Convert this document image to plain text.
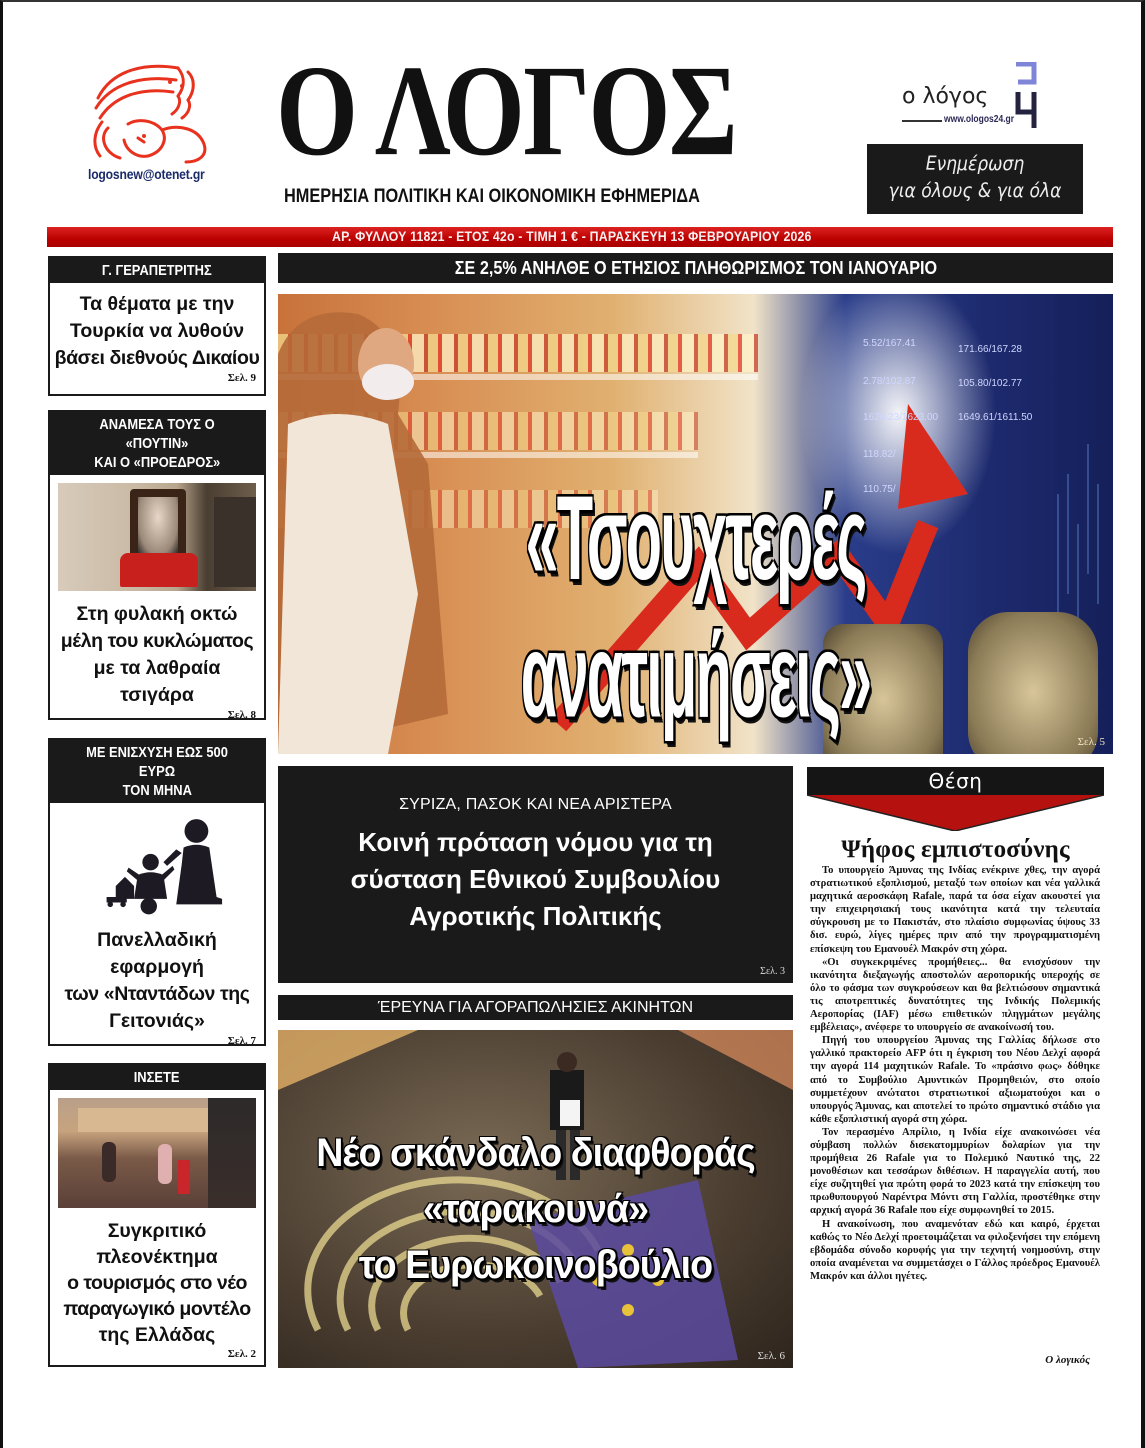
logosnew@otenet.gr Ο ΛΟΓΟΣ
ΗΜΕΡΗΣΙΑ ΠΟΛΙΤΙΚΗ ΚΑΙ ΟΙΚΟΝΟΜΙΚΗ ΕΦΗΜΕΡΙΔΑ
ο λόγος
www.ologos24.gr
Ενημέρωση
για όλους & για όλα
ΑΡ. ΦΥΛΛΟΥ 11821 - ΕΤΟΣ 42ο - ΤΙΜΗ 1 € - ΠΑΡΑΣΚΕΥΗ 13 ΦΕΒΡΟΥΑΡΙΟΥ 2026
Γ. ΓΕΡΑΠΕΤΡΙΤΗΣ
Τα θέματα με την
Τουρκία να λυθούν
βάσει διεθνούς Δικαίου
Σελ. 9
ΑΝΑΜΕΣΑ ΤΟΥΣ Ο «ΠΟΥΤΙΝ»
ΚΑΙ Ο «ΠΡΟΕΔΡΟΣ»
Στη φυλακή οκτώ
μέλη του κυκλώματος
με τα λαθραία
τσιγάρα
Σελ. 8
ΜΕ ΕΝΙΣΧΥΣΗ ΕΩΣ 500 ΕΥΡΩ
ΤΟΝ ΜΗΝΑ
Πανελλαδική
εφαρμογή
των «Νταντάδων της
Γειτονιάς»
Σελ. 7
ΙΝΣΕΤΕ
Συγκριτικό
πλεονέκτημα
ο τουρισμός στο νέο
παραγωγικό μοντέλο
της Ελλάδας
Σελ. 2
ΣΕ 2,5% ΑΝΗΛΘΕ Ο ΕΤΗΣΙΟΣ ΠΛΗΘΩΡΙΣΜΟΣ ΤΟΝ ΙΑΝΟΥΑΡΙΟ
5.52/167.41
171.66/167.28
2.78/102.87	105.80/102.77
1626.23/1623.00 1649.61/1611.50
118.82/
110.75/
«Τσουχτερές ανατιμήσεις»	Σελ. 5
ΣΥΡΙΖΑ, ΠΑΣΟΚ ΚΑΙ ΝΕΑ ΑΡΙΣΤΕΡΑ
Κοινή πρόταση νόμου για τη
σύσταση Εθνικού Συμβουλίου
Αγροτικής Πολιτικής
Σελ. 3
ΈΡΕΥΝΑ ΓΙΑ ΑΓΟΡΑΠΩΛΗΣΙΕΣ ΑΚΙΝΗΤΩΝ
Νέο σκάνδαλο διαφθοράς
«ταρακουνά»
το Ευρωκοινοβούλιο
Σελ. 6
Θέση
Ψήφος εμπιστοσύνης

Το υπουργείο Άμυνας της Ινδίας ενέκρινε χθες, την αγορά στρατιωτικού εξοπλισμού, μεταξύ των οποίων και νέα γαλλικά μαχητικά αεροσκάφη Rafale, παρά τα όσα είχαν ακουστεί για την επιχειρησιακή τους ικανότητα κατά την τελευταία σύγκρουση με το Πακιστάν, στο πλαίσιο συμφωνίας ύψους 33 δισ. ευρώ, λίγες ημέρες πριν από την προγραμματισμένη επίσκεψη του Εμανουέλ Μακρόν στη χώρα.

«Οι συγκεκριμένες προμήθειες... θα ενισχύσουν την ικανότητα διεξαγωγής αποστολών αεροπορικής υπεροχής σε όλο το φάσμα των συγκρούσεων και θα βελτιώσουν σημαντικά τις αποτρεπτικές δυνατότητες της Ινδικής Πολεμικής Αεροπορίας (IAF) μέσω επιθετικών πληγμάτων μεγάλης εμβέλειας», ανέφερε το υπουργείο σε ανακοίνωσή του.

Πηγή του υπουργείου Άμυνας της Γαλλίας δήλωσε στο γαλλικό πρακτορείο AFP ότι η έγκριση του Νέου Δελχί αφορά την αγορά 114 μαχητικών Rafale. Το «πράσινο φως» δόθηκε από το Συμβούλιο Αμυντικών Προμηθειών, στο οποίο συμμετέχουν ανώτατοι στρατιωτικοί αξιωματούχοι και ο υπουργός Άμυνας, και αποτελεί το πρώτο σημαντικό στάδιο για κάθε εξοπλιστική αγορά στη χώρα.

Τον περασμένο Απρίλιο, η Ινδία είχε ανακοινώσει νέα σύμβαση πολλών δισεκατομμυρίων δολαρίων για την προμήθεια 26 Rafale για το Πολεμικό Ναυτικό της, 22 μονοθέσιων και τεσσάρων διθέσιων. Η παραγγελία αυτή, που είχε συζητηθεί για πρώτη φορά το 2023 κατά την επίσκεψη του πρωθυπουργού Ναρέντρα Μόντι στη Γαλλία, προστέθηκε στην αρχική αγορά 36 Rafale που είχε συμφωνηθεί το 2015.

Η ανακοίνωση, που αναμενόταν εδώ και καιρό, έρχεται καθώς το Νέο Δελχί προετοιμάζεται να φιλοξενήσει την επόμενη εβδομάδα σύνοδο κορυφής για την τεχνητή νοημοσύνη, στην οποία αναμένεται να συμμετάσχει ο Γάλλος πρόεδρος Εμανουέλ Μακρόν και άλλοι ηγέτες.

Ο λογικός
